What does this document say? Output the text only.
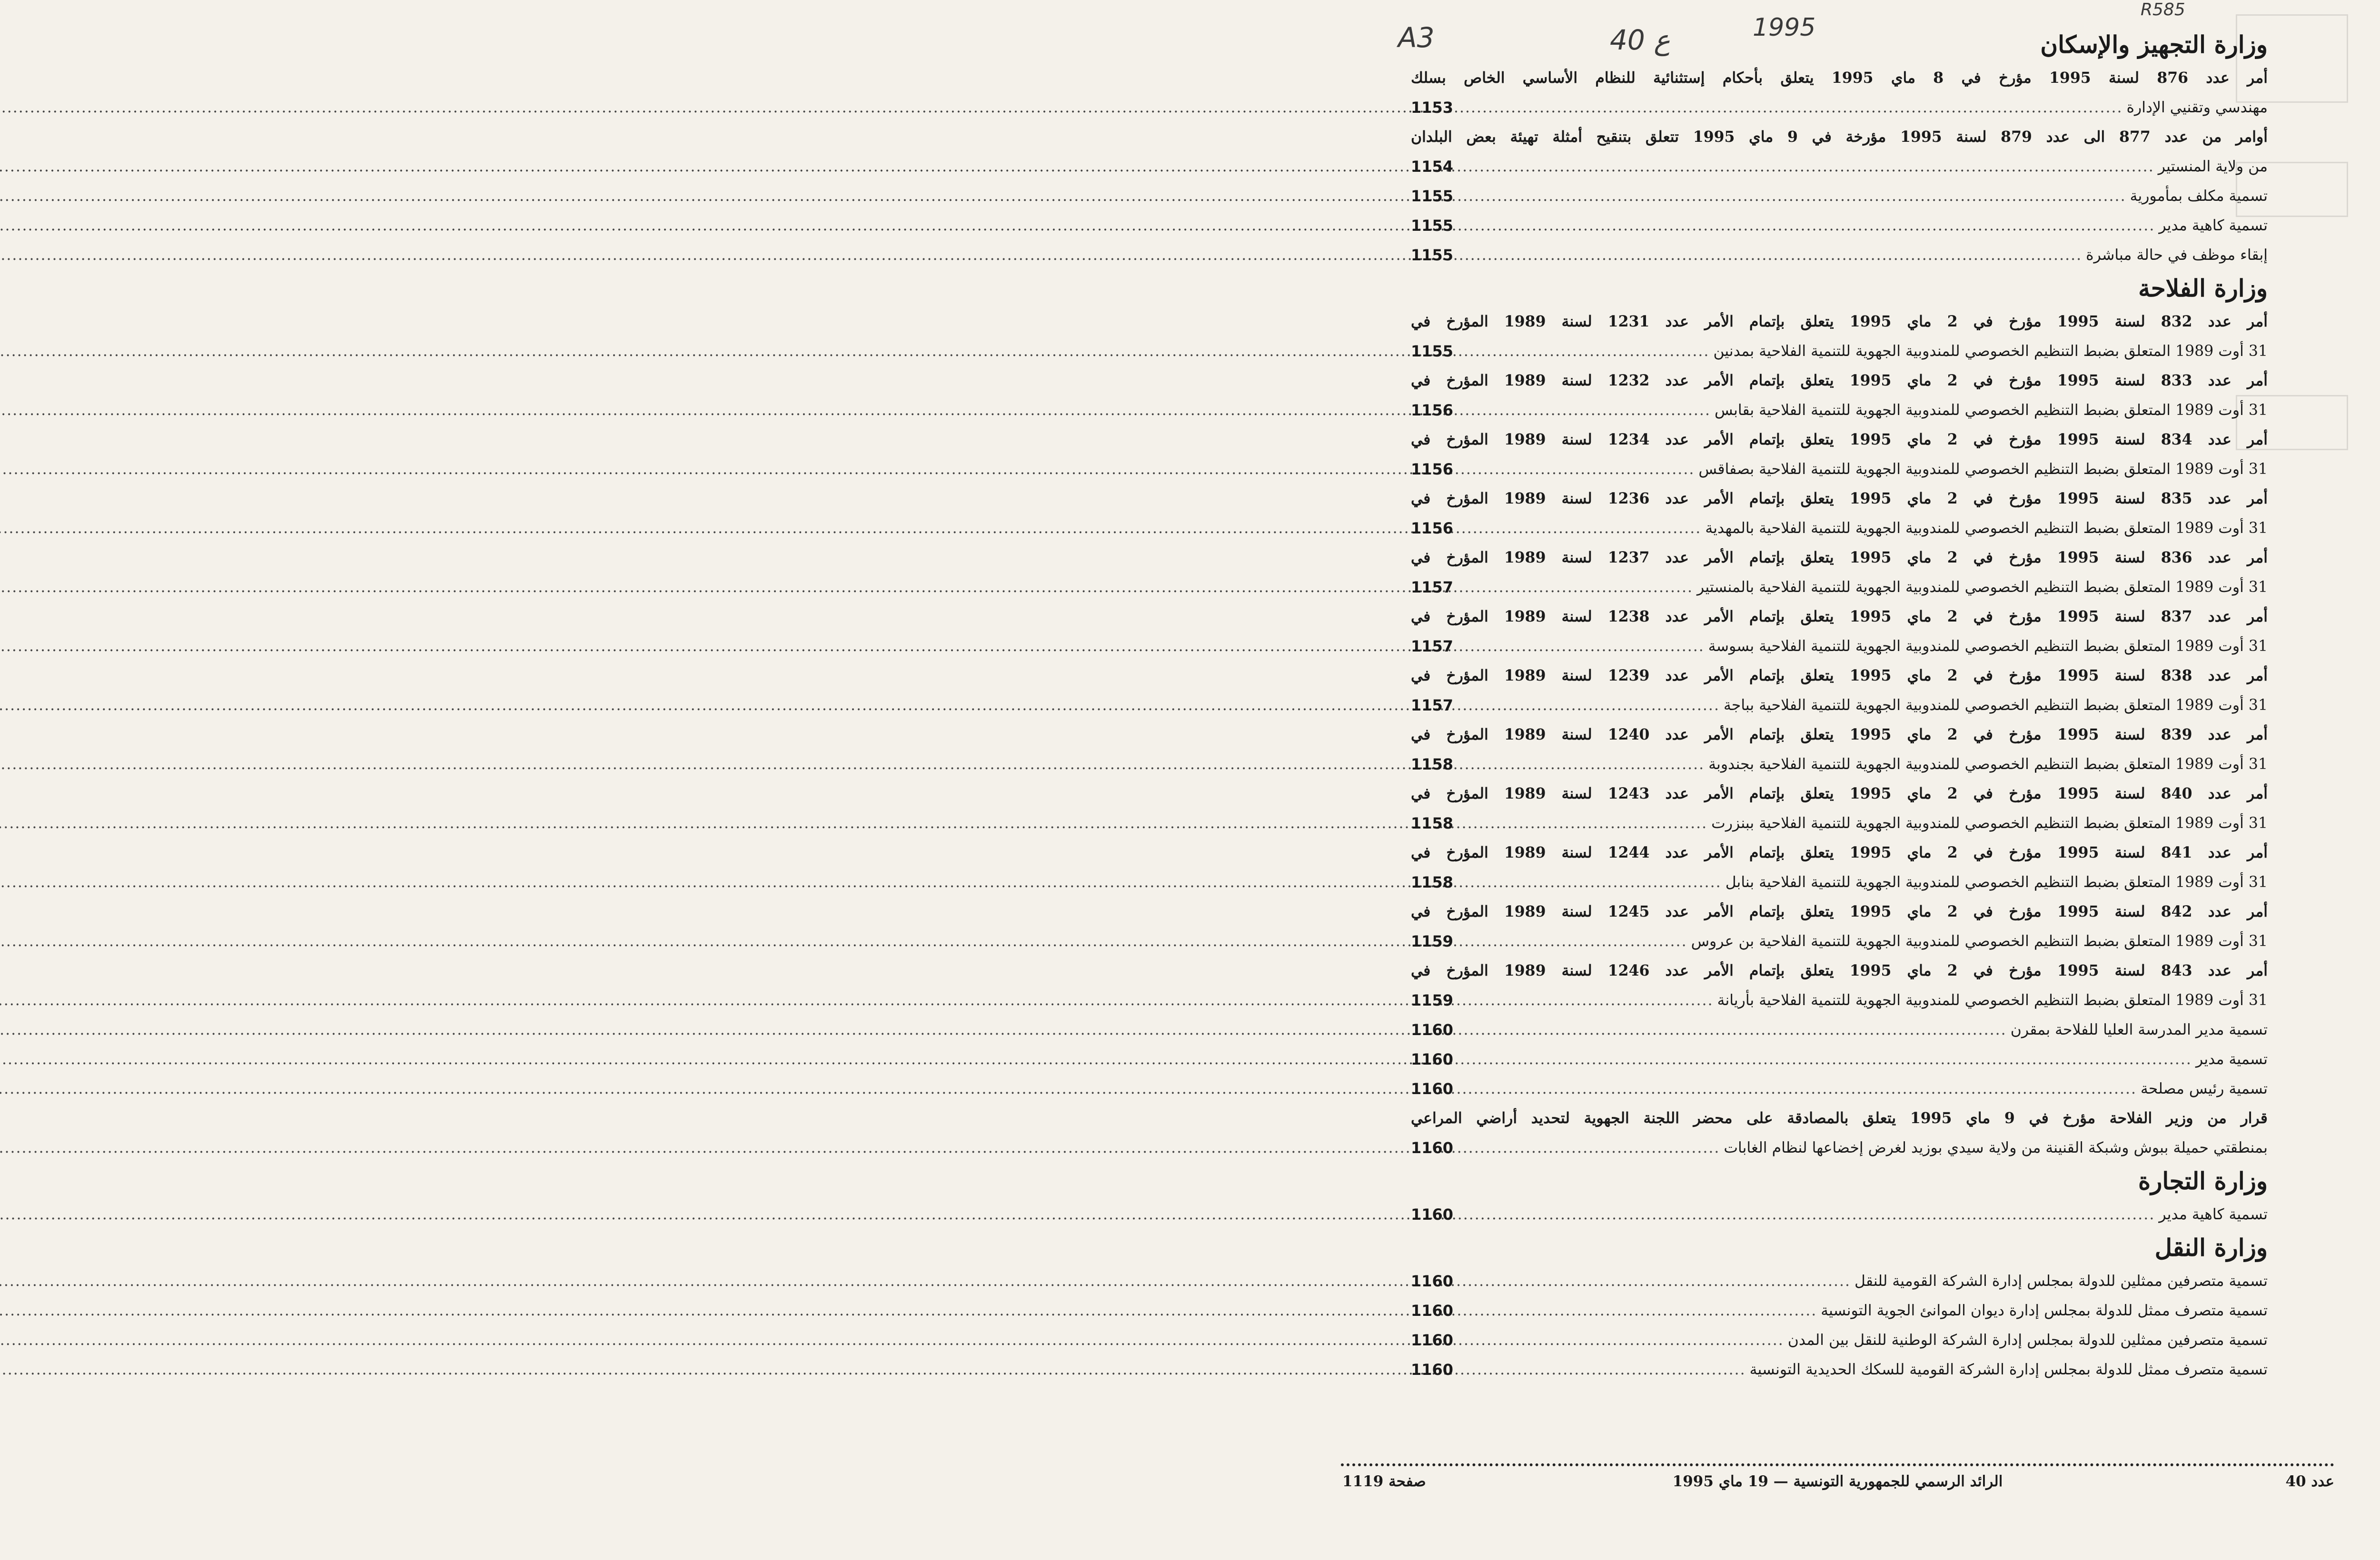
A3	40 ع	1995
R585
وزارة التجهيز والإسكان
أمر عدد 876 لسنة 1995 مؤرخ في 8 ماي 1995 يتعلق بأحكام إستثنائية للنظام الأساسي الخاص بسلك
مهندسي وتقنيي الإدارة
.....
1153
أوامر من عدد 877 الى عدد 879 لسنة 1995 مؤرخة في 9 ماي 1995 تتعلق بتنقيح أمثلة تهيئة بعض البلدان
من ولاية المنستير
.....
1154
تسمية مكلف بمأمورية
.....
1155
تسمية كاهية مدير
.....
1155
إبقاء موظف في حالة مباشرة
.....
1155
وزارة الفلاحة
أمر عدد 832 لسنة 1995 مؤرخ في 2 ماي 1995 يتعلق بإتمام الأمر عدد 1231 لسنة 1989 المؤرخ في
31 أوت 1989 المتعلق بضبط التنظيم الخصوصي للمندوبية الجهوية للتنمية الفلاحية بمدنين
.....
1155
أمر عدد 833 لسنة 1995 مؤرخ في 2 ماي 1995 يتعلق بإتمام الأمر عدد 1232 لسنة 1989 المؤرخ في
31 أوت 1989 المتعلق بضبط التنظيم الخصوصي للمندوبية الجهوية للتنمية الفلاحية بقابس
.....
1156
أمر عدد 834 لسنة 1995 مؤرخ في 2 ماي 1995 يتعلق بإتمام الأمر عدد 1234 لسنة 1989 المؤرخ في
31 أوت 1989 المتعلق بضبط التنظيم الخصوصي للمندوبية الجهوية للتنمية الفلاحية بصفاقس
.....
1156
أمر عدد 835 لسنة 1995 مؤرخ في 2 ماي 1995 يتعلق بإتمام الأمر عدد 1236 لسنة 1989 المؤرخ في
31 أوت 1989 المتعلق بضبط التنظيم الخصوصي للمندوبية الجهوية للتنمية الفلاحية بالمهدية
.....
1156
أمر عدد 836 لسنة 1995 مؤرخ في 2 ماي 1995 يتعلق بإتمام الأمر عدد 1237 لسنة 1989 المؤرخ في
31 أوت 1989 المتعلق بضبط التنظيم الخصوصي للمندوبية الجهوية للتنمية الفلاحية بالمنستير
.....
1157
أمر عدد 837 لسنة 1995 مؤرخ في 2 ماي 1995 يتعلق بإتمام الأمر عدد 1238 لسنة 1989 المؤرخ في
31 أوت 1989 المتعلق بضبط التنظيم الخصوصي للمندوبية الجهوية للتنمية الفلاحية بسوسة
.....
1157
أمر عدد 838 لسنة 1995 مؤرخ في 2 ماي 1995 يتعلق بإتمام الأمر عدد 1239 لسنة 1989 المؤرخ في
31 أوت 1989 المتعلق بضبط التنظيم الخصوصي للمندوبية الجهوية للتنمية الفلاحية بباجة
.....
1157
أمر عدد 839 لسنة 1995 مؤرخ في 2 ماي 1995 يتعلق بإتمام الأمر عدد 1240 لسنة 1989 المؤرخ في
31 أوت 1989 المتعلق بضبط التنظيم الخصوصي للمندوبية الجهوية للتنمية الفلاحية بجندوبة
.....
1158
أمر عدد 840 لسنة 1995 مؤرخ في 2 ماي 1995 يتعلق بإتمام الأمر عدد 1243 لسنة 1989 المؤرخ في
31 أوت 1989 المتعلق بضبط التنظيم الخصوصي للمندوبية الجهوية للتنمية الفلاحية ببنزرت
.....
1158
أمر عدد 841 لسنة 1995 مؤرخ في 2 ماي 1995 يتعلق بإتمام الأمر عدد 1244 لسنة 1989 المؤرخ في
31 أوت 1989 المتعلق بضبط التنظيم الخصوصي للمندوبية الجهوية للتنمية الفلاحية بنابل
.....
1158
أمر عدد 842 لسنة 1995 مؤرخ في 2 ماي 1995 يتعلق بإتمام الأمر عدد 1245 لسنة 1989 المؤرخ في
31 أوت 1989 المتعلق بضبط التنظيم الخصوصي للمندوبية الجهوية للتنمية الفلاحية بن عروس
.....
1159
أمر عدد 843 لسنة 1995 مؤرخ في 2 ماي 1995 يتعلق بإتمام الأمر عدد 1246 لسنة 1989 المؤرخ في
31 أوت 1989 المتعلق بضبط التنظيم الخصوصي للمندوبية الجهوية للتنمية الفلاحية بأريانة
.....
1159
تسمية مدير المدرسة العليا للفلاحة بمقرن
.....
1160
تسمية مدير
.....
1160
تسمية رئيس مصلحة
.....
1160
قرار من وزير الفلاحة مؤرخ في 9 ماي 1995 يتعلق بالمصادقة على محضر اللجنة الجهوية لتحديد أراضي المراعي
بمنطقتي حميلة ببوش وشبكة القنينة من ولاية سيدي بوزيد لغرض إخضاعها لنظام الغابات
.....
1160
وزارة التجارة
تسمية كاهية مدير
.....
1160
وزارة النقل
تسمية متصرفين ممثلين للدولة بمجلس إدارة الشركة القومية للنقل
.....
1160
تسمية متصرف ممثل للدولة بمجلس إدارة ديوان الموانئ الجوية التونسية
.....
1160
تسمية متصرفين ممثلين للدولة بمجلس إدارة الشركة الوطنية للنقل بين المدن
.....
1160
تسمية متصرف ممثل للدولة بمجلس إدارة الشركة القومية للسكك الحديدية التونسية
.....
1160
عدد 40
الرائد الرسمي للجمهورية التونسية — 19 ماي 1995
صفحة 1119
